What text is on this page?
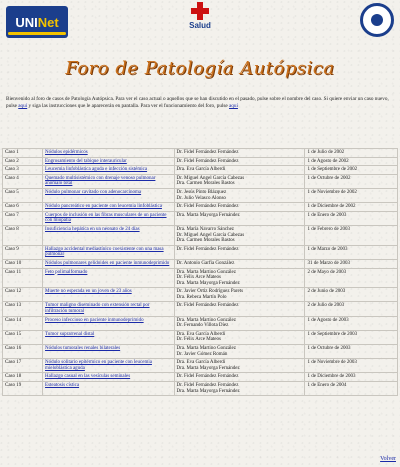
UNI Net	Salud
Foro de Patología Autópsica
Bienvenido al foro de casos de Patología Autópsica. Para ver el caso actual o aquellos que se han discutido en el pasado, pulse sobre el nombre del caso. Si quiere enviar un caso nuevo, pulse aquí y siga las instrucciones que le aparecerán en pantalla. Para ver el funcionamiento del foro, pulse aquí
Caso 1	Nódulos epidérmicos	Dr. Fidel Fernández Fernández	1 de Julio de 2002
Caso 2	Engrosamiento del tabique interauricular	Dr. Fidel Fernández Fernández	1 de Agosto de 2002
Caso 3	Leucemia linfoblástica aguda e infección sistémica	Dra. Eva García Alberdi	1 de Septiembre de 2002
Caso 4	Quemado multisistémico con drenaje venoso pulmonar anómalo total	Dr. Miguel Angel García Cabezas
Dra. Carmen Morales Bastos	1 de Octubre de 2002
Caso 5	Nódulo pulmonar cavitado con adenocarcinoma	Dr. Jesús Pinto Blázquez
Dr. Julio Velasco Alonso	1 de Noviembre de 2002
Caso 6	Nódulo pancreático en paciente con leucemia linfoblástica	Dr. Fidel Fernández Fernández	1 de Diciembre de 2002
Caso 7	Cuerpos de inclusión en las fibras musculares de un paciente con miopatía	Dra. Marta Mayorga Fernández	1 de Enero de 2003
Caso 8	Insuficiencia hepática en un neonato de 24 días	Dra. María Navarro Sánchez
Dr. Miguel Angel García Cabezas
Dra. Carmen Morales Bastos	1 de Febrero de 2003
Caso 9	Hallazgo accidental mediastínico coexistente con una masa pulmonar	Dr. Fidel Fernández Fernández	1 de Marzo de 2003
Caso 10	Nódulos pulmonares gelidoides en paciente inmunodeprimido	Dr. Antonio Garfia González	31 de Marzo de 2003
Caso 11	Feto polimalformado	Dra. Marta Martino González
Dr. Félix Arce Mateos
Dra. Marta Mayorga Fernández	2 de Mayo de 2003
Caso 12	Muerte no esperada en un joven de 23 años	Dr. Javier Ortiz Rodríguez Parets
Dra. Rebeca Martín Polo	2 de Junio de 2003
Caso 13	Tumor maligno diseminado con extensión rectal por infiltración tumoral	Dr. Fidel Fernández Fernández	2 de Julio de 2003
Caso 14	Proceso infeccioso en paciente inmunodeprimido	Dra. Marta Martino González
Dr. Fernando Villota Díez	1 de Agosto de 2003
Caso 15	Tumor suprarrenal distal	Dra. Eva García Alberdi
Dr. Félix Arce Mateos	1 de Septiembre de 2003
Caso 16	Nódulos tumorales renales bilaterales	Dra. Marta Martino González
Dr. Javier Gómez Román	1 de Octubre de 2003
Caso 17	Nódulo solitario epitérmico en paciente con leucemia mieloblástica aguda	Dra. Eva García Alberdi
Dra. Marta Mayorga Fernández	1 de Noviembre de 2003
Caso 18	Hallazgo casual en las vesículas seminales	Dr. Fidel Fernández Fernández	1 de Diciembre de 2003
Caso 19	Esteatosis cística	Dr. Fidel Fernández Fernández
Dra. Marta Mayorga Fernández	1 de Enero de 2004
Volver
